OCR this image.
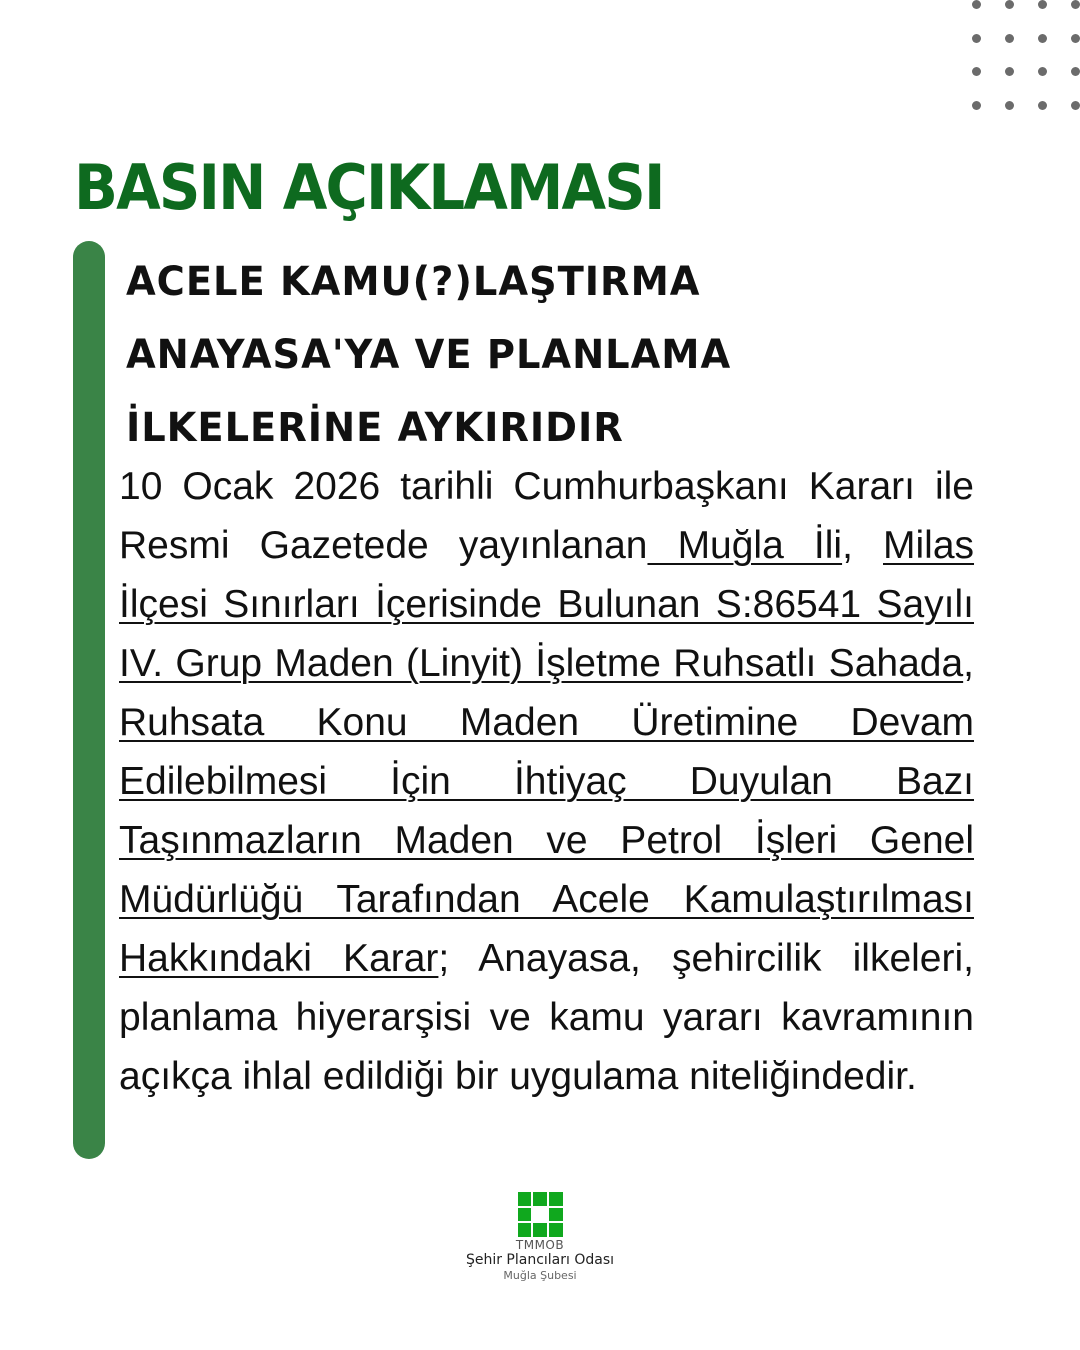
BASIN AÇIKLAMASI
ACELE KAMU(?)LAŞTIRMA
ANAYASA'YA VE PLANLAMA
İLKELERİNE AYKIRIDIR

10 Ocak 2026 tarihli Cumhurbaşkanı Kararı ile Resmi Gazetede yayınlanan Muğla İli, Milas İlçesi Sınırları İçerisinde Bulunan S:86541 Sayılı IV. Grup Maden (Linyit) İşletme Ruhsatlı Sahada, Ruhsata Konu Maden Üretimine Devam Edilebilmesi İçin İhtiyaç Duyulan Bazı Taşınmazların Maden ve Petrol İşleri Genel Müdürlüğü Tarafından Acele Kamulaştırılması Hakkındaki Karar; Anayasa, şehircilik ilkeleri, planlama hiyerarşisi ve kamu yararı kavramının açıkça ihlal edildiği bir uygulama niteliğindedir.

TMMOB
Şehir Plancıları Odası
Muğla Şubesi
